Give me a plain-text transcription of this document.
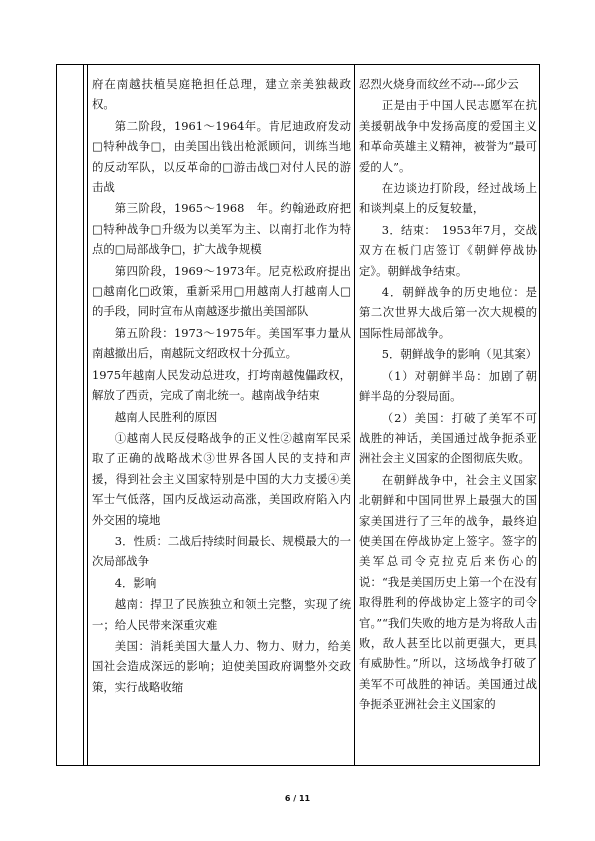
府在南越扶植吴庭艳担任总理，建立亲美独裁政权。

第二阶段，1961～1964年。肯尼迪政府发动□特种战争□，由美国出钱出枪派顾问，训练当地的反动军队，以反革命的□游击战□对付人民的游击战

第三阶段，1965～1968　年。约翰逊政府把□特种战争□升级为以美军为主、以南打北作为特点的□局部战争□，扩大战争规模

第四阶段，1969～1973年。尼克松政府提出□越南化□政策，重新采用□用越南人打越南人□的手段，同时宣布从南越逐步撤出美国部队

第五阶段：1973～1975年。美国军事力量从南越撤出后，南越阮文绍政权十分孤立。

1975年越南人民发动总进攻，打垮南越傀儡政权，解放了西贡，完成了南北统一。越南战争结束

越南人民胜利的原因

①越南人民反侵略战争的正义性②越南军民采取了正确的战略战术③世界各国人民的支持和声援，得到社会主义国家特别是中国的大力支援④美军士气低落，国内反战运动高涨，美国政府陷入内外交困的境地

3．性质：二战后持续时间最长、规模最大的一次局部战争

4．影响

越南：捍卫了民族独立和领土完整，实现了统一；给人民带来深重灾难

美国：消耗美国大量人力、物力、财力，给美国社会造成深远的影响；迫使美国政府调整外交政策，实行战略收缩

忍烈火烧身而纹丝不动---邱少云

正是由于中国人民志愿军在抗美援朝战争中发扬高度的爱国主义和革命英雄主义精神，被誉为“最可爱的人”。

在边谈边打阶段，经过战场上和谈判桌上的反复较量，

3．结束：　1953年7月，交战双方在板门店签订《朝鲜停战协定》。朝鲜战争结束。

4．朝鲜战争的历史地位：是第二次世界大战后第一次大规模的国际性局部战争。

5．朝鲜战争的影响（见其案）

（1）对朝鲜半岛：加剧了朝鲜半岛的分裂局面。

（2）美国：打破了美军不可战胜的神话，美国通过战争扼杀亚洲社会主义国家的企图彻底失败。

在朝鲜战争中，社会主义国家北朝鲜和中国同世界上最强大的国家美国进行了三年的战争，最终迫使美国在停战协定上签字。签字的美军总司令克拉克后来伤心的说：“我是美国历史上第一个在没有取得胜利的停战协定上签字的司令官。”“我们失败的地方是为将敌人击败，敌人甚至比以前更强大，更具有威胁性。”所以，这场战争打破了美军不可战胜的神话。美国通过战争扼杀亚洲社会主义国家的

6 / 11
